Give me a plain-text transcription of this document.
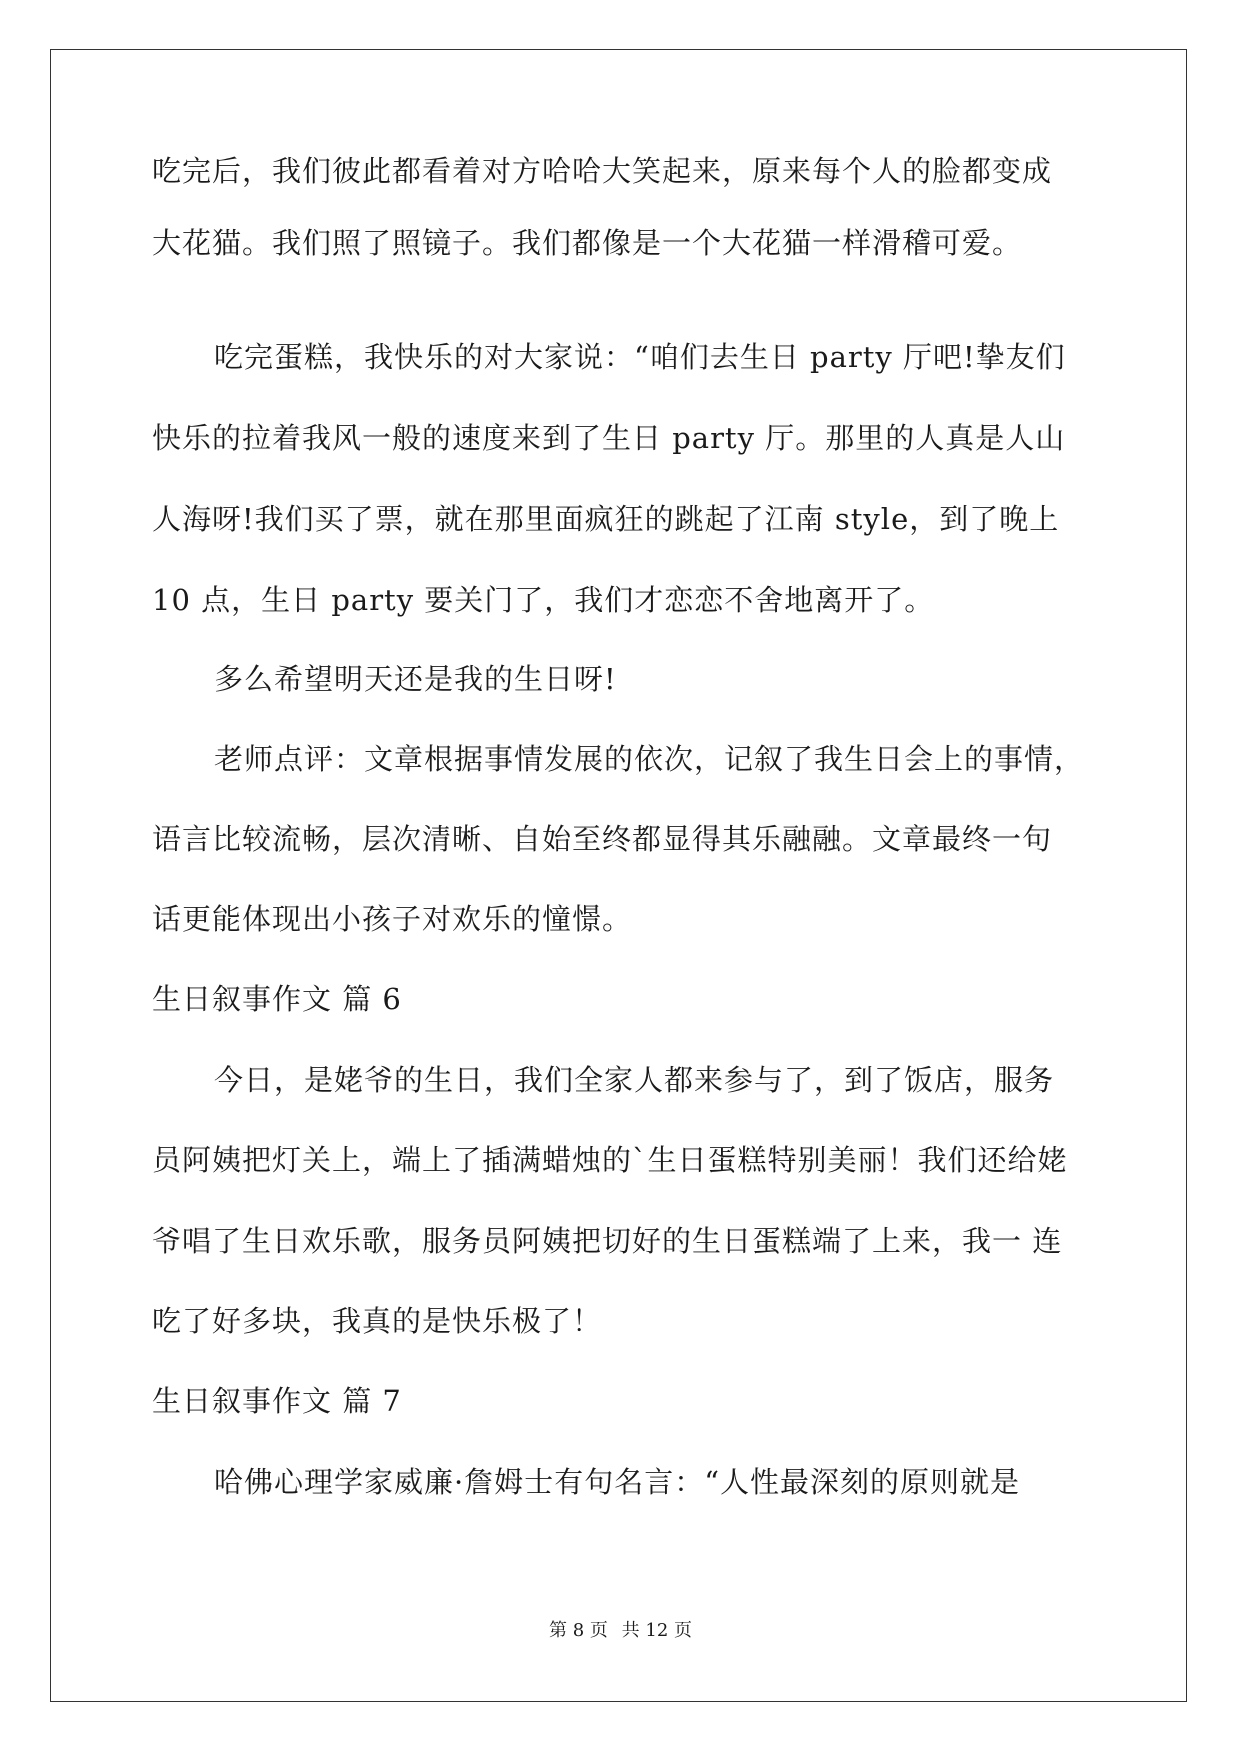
吃完后，我们彼此都看着对方哈哈大笑起来，原来每个人的脸都变成
大花猫。我们照了照镜子。我们都像是一个大花猫一样滑稽可爱。
吃完蛋糕，我快乐的对大家说：“咱们去生日 party 厅吧!挚友们
快乐的拉着我风一般的速度来到了生日 party 厅。那里的人真是人山
人海呀!我们买了票，就在那里面疯狂的跳起了江南 style，到了晚上
10 点，生日 party 要关门了，我们才恋恋不舍地离开了。
多么希望明天还是我的生日呀!
老师点评：文章根据事情发展的依次，记叙了我生日会上的事情，
语言比较流畅，层次清晰、自始至终都显得其乐融融。文章最终一句
话更能体现出小孩子对欢乐的憧憬。
生日叙事作文 篇 6
今日，是姥爷的生日，我们全家人都来参与了，到了饭店，服务
员阿姨把灯关上，端上了插满蜡烛的`生日蛋糕特别美丽！我们还给姥
爷唱了生日欢乐歌，服务员阿姨把切好的生日蛋糕端了上来，我一 连
吃了好多块，我真的是快乐极了！
生日叙事作文 篇 7
哈佛心理学家威廉·詹姆士有句名言：“人性最深刻的原则就是
第 8 页 共 12 页
